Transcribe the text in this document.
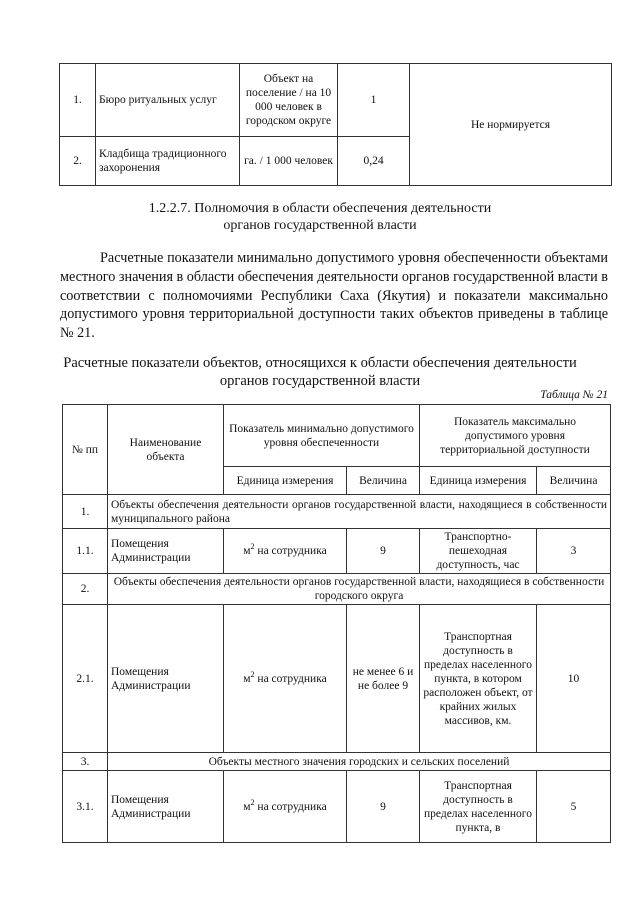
1.	Бюро ритуальных услуг	Объект на поселение / на 10 000 человек в городском округе	1	Не нормируется
2.	Кладбища традиционного захоронения	га. / 1 000 человек	0,24	
1.2.2.7. Полномочия в области обеспечения деятельности
органов государственной власти
Расчетные показатели минимально допустимого уровня обеспеченности объектами местного значения в области обеспечения деятельности органов государственной власти в соответствии с полномочиями Республики Саха (Якутия) и показатели максимально допустимого уровня территориальной доступности таких объектов приведены в таблице № 21.
Расчетные показатели объектов, относящихся к области обеспечения деятельности
органов государственной власти
Таблица № 21
№ пп	Наименование объекта	Показатель минимально допустимого уровня обеспеченности		Показатель максимально допустимого уровня территориальной доступности	
		Единица измерения	Величина	Единица измерения	Величина
1.	Объекты обеспечения деятельности органов государственной власти, находящиеся в собственности муниципального района				
1.1.	Помещения Администрации	$м^2$ на сотрудника	9	Транспортно-пешеходная доступность, час	3
2.	Объекты обеспечения деятельности органов государственной власти, находящиеся в собственности городского округа				
2.1.	Помещения Администрации	$м^2$ на сотрудника	не менее 6 и не более 9	Транспортная доступность в пределах населенного пункта, в котором расположен объект, от крайних жилых массивов, км.	10
3.	Объекты местного значения городских и сельских поселений				
3.1.	Помещения Администрации	$м^2$ на сотрудника	9	Транспортная доступность в пределах населенного пункта, в	5
